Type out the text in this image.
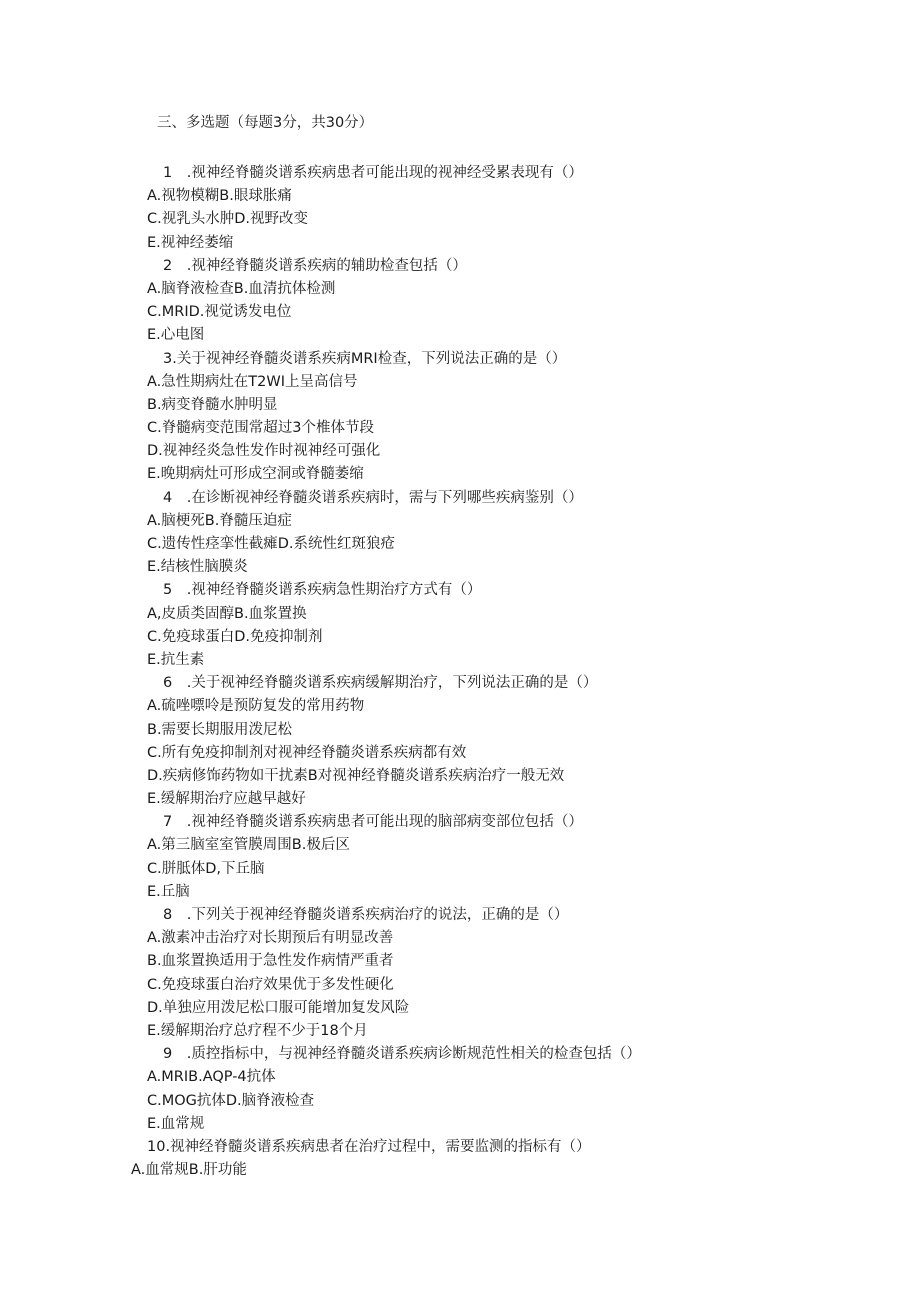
三、多选题（每题3分，共30分）
1　.视神经脊髓炎谱系疾病患者可能出现的视神经受累表现有（）
A.视物模糊B.眼球胀痛
C.视乳头水肿D.视野改变
E.视神经萎缩
2　.视神经脊髓炎谱系疾病的辅助检查包括（）
A.脑脊液检查B.血清抗体检测
C.MRID.视觉诱发电位
E.心电图
3.关于视神经脊髓炎谱系疾病MRI检查，下列说法正确的是（）
A.急性期病灶在T2WI上呈高信号
B.病变脊髓水肿明显
C.脊髓病变范围常超过3个椎体节段
D.视神经炎急性发作时视神经可强化
E.晚期病灶可形成空洞或脊髓萎缩
4　.在诊断视神经脊髓炎谱系疾病时，需与下列哪些疾病鉴别（）
A.脑梗死B.脊髓压迫症
C.遗传性痉挛性截瘫D.系统性红斑狼疮
E.结核性脑膜炎
5　.视神经脊髓炎谱系疾病急性期治疗方式有（）
A,皮质类固醇B.血浆置换
C.免疫球蛋白D.免疫抑制剂
E.抗生素
6　.关于视神经脊髓炎谱系疾病缓解期治疗，下列说法正确的是（）
A.硫唑嘌呤是预防复发的常用药物
B.需要长期服用泼尼松
C.所有免疫抑制剂对视神经脊髓炎谱系疾病都有效
D.疾病修饰药物如干扰素B对视神经脊髓炎谱系疾病治疗一般无效
E.缓解期治疗应越早越好
7　.视神经脊髓炎谱系疾病患者可能出现的脑部病变部位包括（）
A.第三脑室室管膜周围B.极后区
C.胼胝体D,下丘脑
E.丘脑
8　.下列关于视神经脊髓炎谱系疾病治疗的说法，正确的是（）
A.激素冲击治疗对长期预后有明显改善
B.血浆置换适用于急性发作病情严重者
C.免疫球蛋白治疗效果优于多发性硬化
D.单独应用泼尼松口服可能增加复发风险
E.缓解期治疗总疗程不少于18个月
9　.质控指标中，与视神经脊髓炎谱系疾病诊断规范性相关的检查包括（）
A.MRIB.AQP-4抗体
C.MOG抗体D.脑脊液检查
E.血常规
10.视神经脊髓炎谱系疾病患者在治疗过程中，需要监测的指标有（）
A.血常规B.肝功能
